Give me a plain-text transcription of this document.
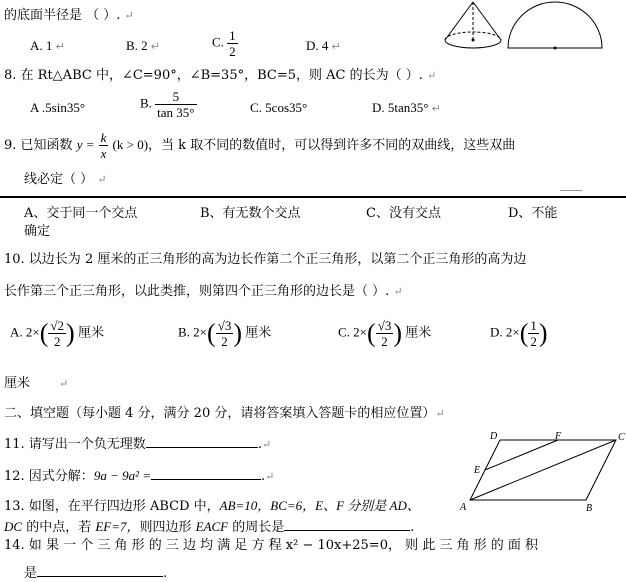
的底面半径是 （ ）. ↵
A. 1 ↵	B. 2 ↵	C. $\frac{1}{2}$	D. 4 ↵
8. 在 Rt△ABC 中，∠C=90°，∠B=35°，BC=5，则 AC 的长为（ ）. ↵
A .5sin35°	B. $\frac{5}{\tan 35^\circ}$	C. 5cos35°	D. 5tan35° ↵
9. 已知函数 $y = \frac{k}{x} (k > 0)$，当 k 取不同的数值时，可以得到许多不同的双曲线，这些双曲
线必定（ ） ↵
A、交于同一个交点	B、有无数个交点	C、没有交点	D、不能
确定
10. 以边长为 2 厘米的正三角形的高为边长作第二个正三角形，以第二个正三角形的高为边
长作第三个正三角形，以此类推，则第四个正三角形的边长是（ ）. ↵
A. $2\times( \frac{√2}{2}$ ) 厘米	B. $2\times( \frac{√3}{2}$ ) 厘米	C. $2\times( \frac{√3}{2}$ ) 厘米	D. $2\times( \frac{1}{2}$ )
厘米	↵
二、填空题（每小题 4 分，满分 20 分，请将答案填入答题卡的相应位置）↵
11. 请写出一个负无理数	.↵
12. 因式分解：9a − 9a² =	.↵
13. 如图，在平行四边形 ABCD 中，AB=10，BC=6，E、F 分别是 AD、
DC 的中点，若 EF=7，则四边形 EACF 的周长是	.
14. 如 果 一 个 三 角 形 的 三 边 均 满 足 方 程 x² − 10x+25=0， 则 此 三 角 形 的 面 积
是	.
D	F	C
E
A	B
